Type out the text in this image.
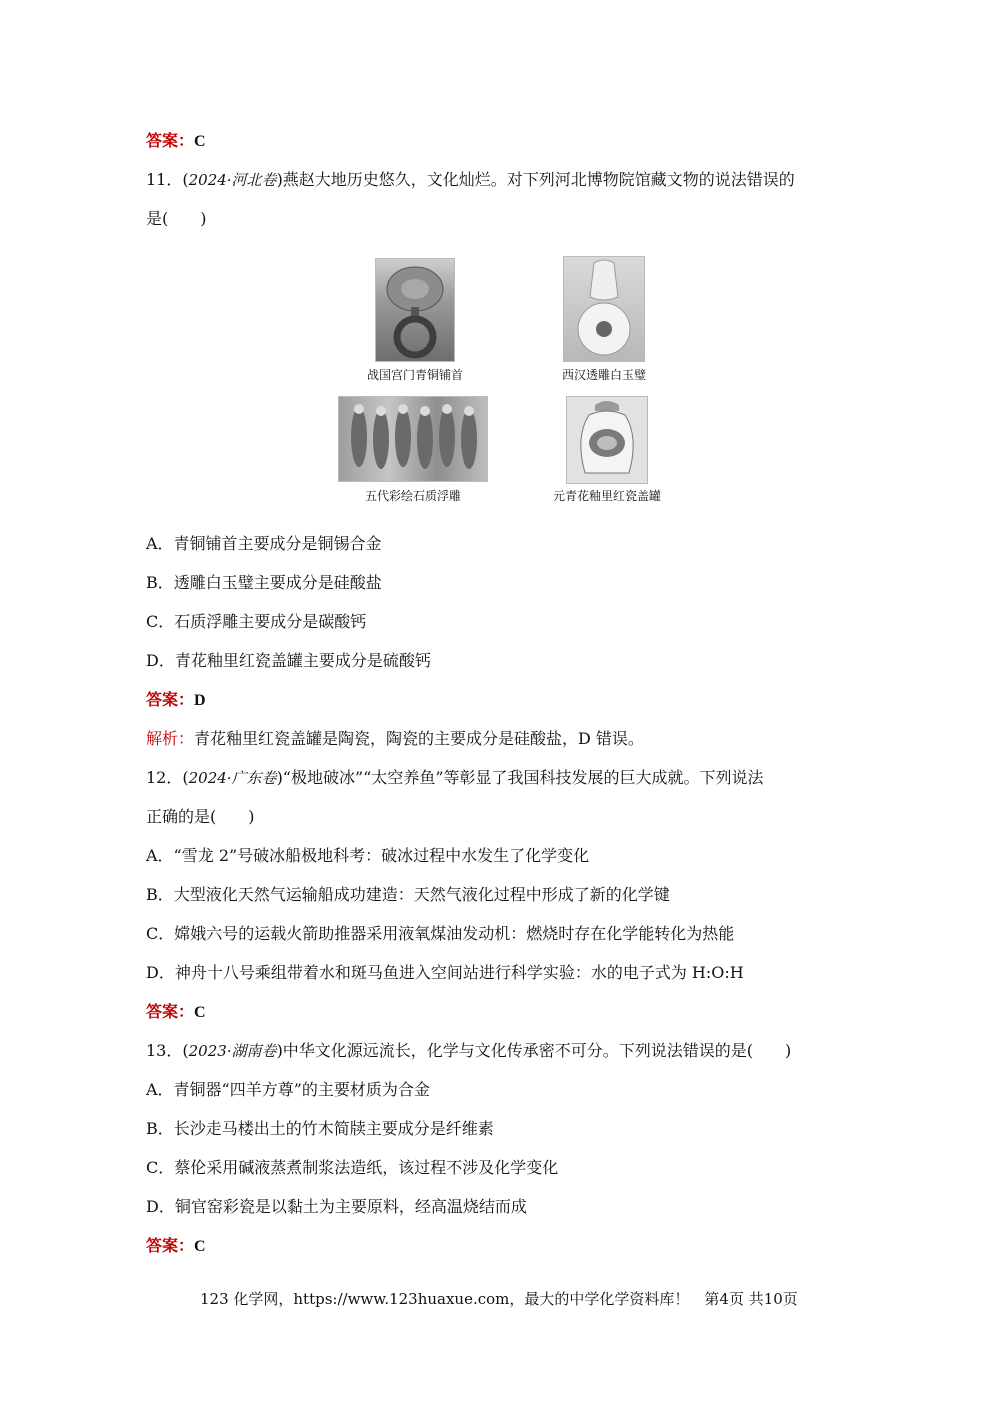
答案：C
11．(2024·河北卷)燕赵大地历史悠久，文化灿烂。对下列河北博物院馆藏文物的说法错误的
是(　　)
战国宫门青铜铺首	西汉透雕白玉璧
五代彩绘石质浮雕	元青花釉里红瓷盖罐
A．青铜铺首主要成分是铜锡合金
B．透雕白玉璧主要成分是硅酸盐
C．石质浮雕主要成分是碳酸钙
D．青花釉里红瓷盖罐主要成分是硫酸钙
答案：D
解析：青花釉里红瓷盖罐是陶瓷，陶瓷的主要成分是硅酸盐，D 错误。
12．(2024·广东卷)“极地破冰”“太空养鱼”等彰显了我国科技发展的巨大成就。下列说法
正确的是(　　)
A．“雪龙 2”号破冰船极地科考：破冰过程中水发生了化学变化
B．大型液化天然气运输船成功建造：天然气液化过程中形成了新的化学键
C．嫦娥六号的运载火箭助推器采用液氧煤油发动机：燃烧时存在化学能转化为热能
D．神舟十八号乘组带着水和斑马鱼进入空间站进行科学实验：水的电子式为 H:O:H
答案：C
13．(2023·湖南卷)中华文化源远流长，化学与文化传承密不可分。下列说法错误的是(　　)
A．青铜器“四羊方尊”的主要材质为合金
B．长沙走马楼出土的竹木简牍主要成分是纤维素
C．蔡伦采用碱液蒸煮制浆法造纸，该过程不涉及化学变化
D．铜官窑彩瓷是以黏土为主要原料，经高温烧结而成
答案：C
123 化学网，https://www.123huaxue.com，最大的中学化学资料库！　第4页 共10页
